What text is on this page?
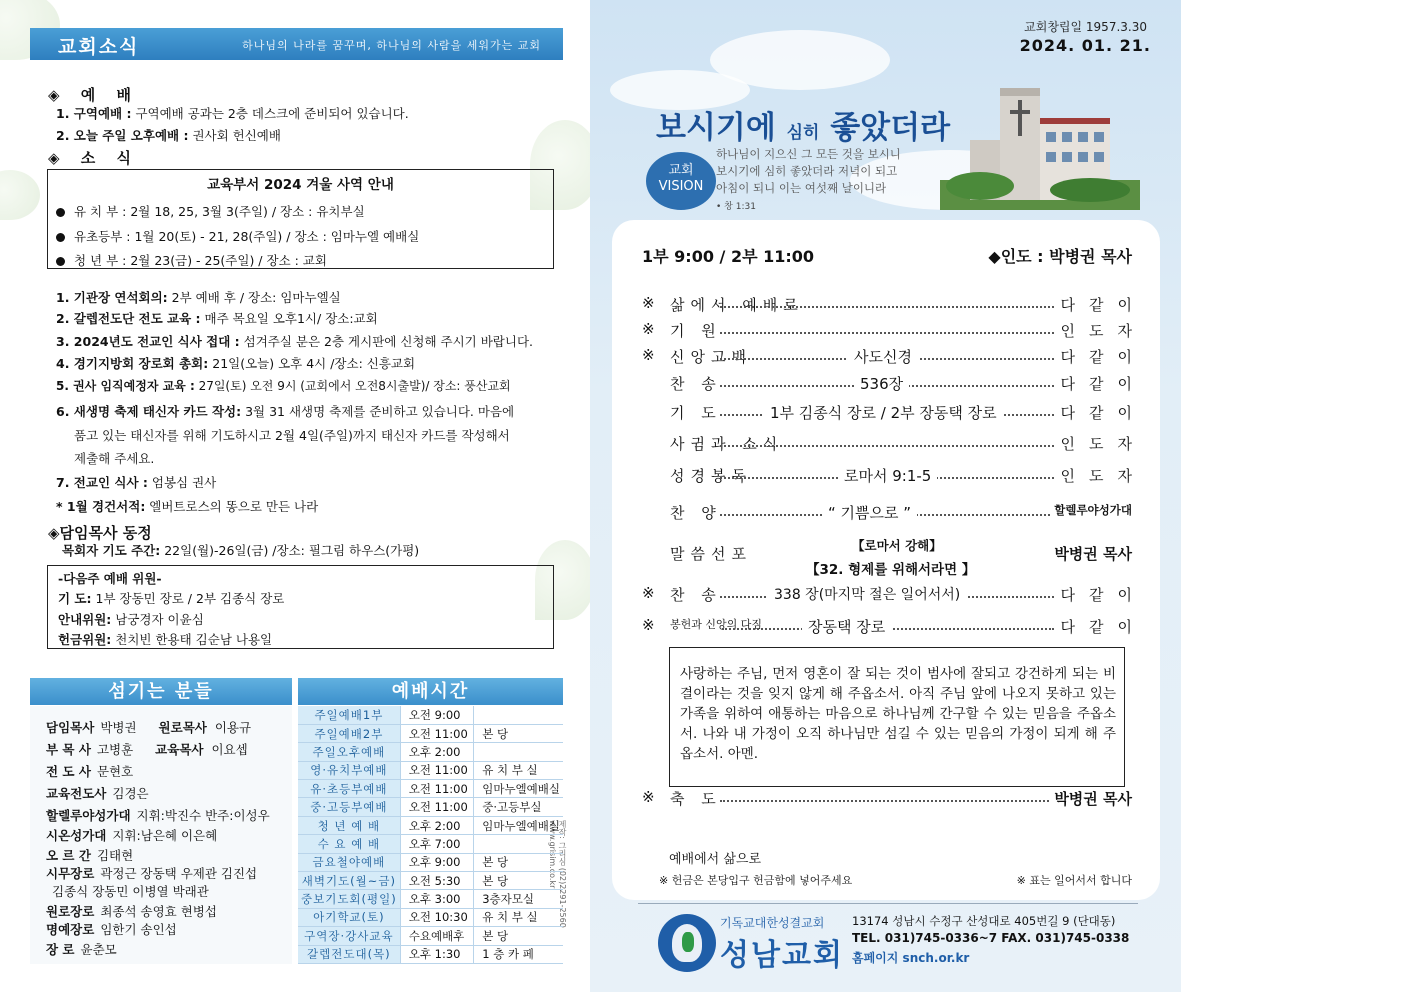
교회소식	하나님의 나라를 꿈꾸며, 하나님의 사람을 세워가는 교회
◈ 예 배
1. 구역예배 : 구역예배 공과는 2층 데스크에 준비되어 있습니다.
2. 오늘 주일 오후예배 : 권사회 헌신예배
◈ 소 식
교육부서 2024 겨울 사역 안내
유 치 부 : 2월 18, 25, 3월 3(주일) / 장소 : 유치부실
유초등부 : 1월 20(토) - 21, 28(주일) / 장소 : 임마누엘 예배실
청 년 부 : 2월 23(금) - 25(주일) / 장소 : 교회
1. 기관장 연석회의: 2부 예배 후 / 장소: 임마누엘실
2. 갈렙전도단 전도 교육 : 매주 목요일 오후1시/ 장소:교회
3. 2024년도 전교인 식사 접대 : 섬겨주실 분은 2층 게시판에 신청해 주시기 바랍니다.
4. 경기지방회 장로회 총회: 21일(오늘) 오후 4시 /장소: 신흥교회
5. 권사 임직예정자 교육 : 27일(토) 오전 9시 (교회에서 오전8시출발)/ 장소: 풍산교회
6. 새생명 축제 태신자 카드 작성: 3월 31 새생명 축제를 준비하고 있습니다. 마음에
품고 있는 태신자를 위해 기도하시고 2월 4일(주일)까지 태신자 카드를 작성해서
제출해 주세요.
7. 전교인 식사 : 엄봉심 권사
* 1월 경건서적: 엘버트로스의 똥으로 만든 나라
◈담임목사 동정
목회자 기도 주간: 22일(월)-26일(금) /장소: 필그림 하우스(가평)
-다음주 예배 위원-
기 도: 1부 장동민 장로 / 2부 김종식 장로
안내위원: 남궁경자 이윤심
헌금위원: 천치빈 한용태 김순남 나용일
섬기는 분들
담임목사 박병권 원로목사 이용규
부 목 사 고병훈 교육목사 이요셉
전 도 사 문현호
교육전도사 김경은
할렐루야성가대 지휘:박진수 반주:이성우
시온성가대 지휘:남은혜 이은혜
오 르 간 김태현
시무장로 곽정근 장동택 우제관 김진섭
김종식 장동민 이병열 박래관
원로장로 최종석 송영효 현병섭
명예장로 임한기 송인섭
장 로 윤춘모
제작: 그리심 (02)2291-2560 www.grisim.co.kr
예배시간
주일예배1부	오전 9:00	
주일예배2부	오전 11:00	본 당
주일오후예배	오후 2:00	
영·유치부예배	오전 11:00	유 치 부 실
유·초등부예배	오전 11:00	임마누엘예배실
중·고등부예배	오전 11:00	중·고등부실
청 년 예 배	오후 2:00	임마누엘예배실
수 요 예 배	오후 7:00	
금요철야예배	오후 9:00	본 당
새벽기도(월~금)	오전 5:30	본 당
중보기도회(평일)	오후 3:00	3층자모실
아기학교(토)	오전 10:30	유 치 부 실
구역장·강사교육	수요예배후	본 당
갈렙전도대(목)	오후 1:30	1 층 카 페
교회창립일 1957.3.30
2024. 01. 21.
보시기에 심히 좋았더라
교회
VISION
하나님이 지으신 그 모든 것을 보시니
보시기에 심히 좋았더라 저녁이 되고
아침이 되니 이는 여섯째 날이니라
• 창 1:31
1부 9:00 / 2부 11:00	◆인도 : 박병권 목사
※	삶에서 예배로	다같이
※	기 원	인도자
※	신앙고백	사도신경	다같이
찬 송	536장	다같이
기 도	1부 김종식 장로 / 2부 장동택 장로	다같이
사귐과 소식	인도자
성경봉독	로마서 9:1-5	인도자
찬 양	“ 기쁨으로 ”	할렐루야성가대
말씀선포	박병권 목사
※	찬 송	338 장(마지막 절은 일어서서)	다같이
※	봉헌과 신앙의 다짐	장동택 장로	다같이
※	축 도	박병권 목사
【로마서 강해】
【32. 형제를 위해서라면 】
사랑하는 주님, 먼저 영혼이 잘 되는 것이 범사에 잘되고 강건하게 되는 비결이라는 것을 잊지 않게 해 주옵소서. 아직 주님 앞에 나오지 못하고 있는 가족을 위하여 애통하는 마음으로 하나님께 간구할 수 있는 믿음을 주옵소서. 나와 내 가정이 오직 하나님만 섬길 수 있는 믿음의 가정이 되게 해 주옵소서. 아멘.
예배에서 삶으로
※ 헌금은 본당입구 헌금함에 넣어주세요	※ 표는 일어서서 합니다
기독교대한성결교회
성남교회
13174 성남시 수정구 산성대로 405번길 9 (단대동)
TEL. 031)745-0336~7 FAX. 031)745-0338
홈페이지 snch.or.kr
